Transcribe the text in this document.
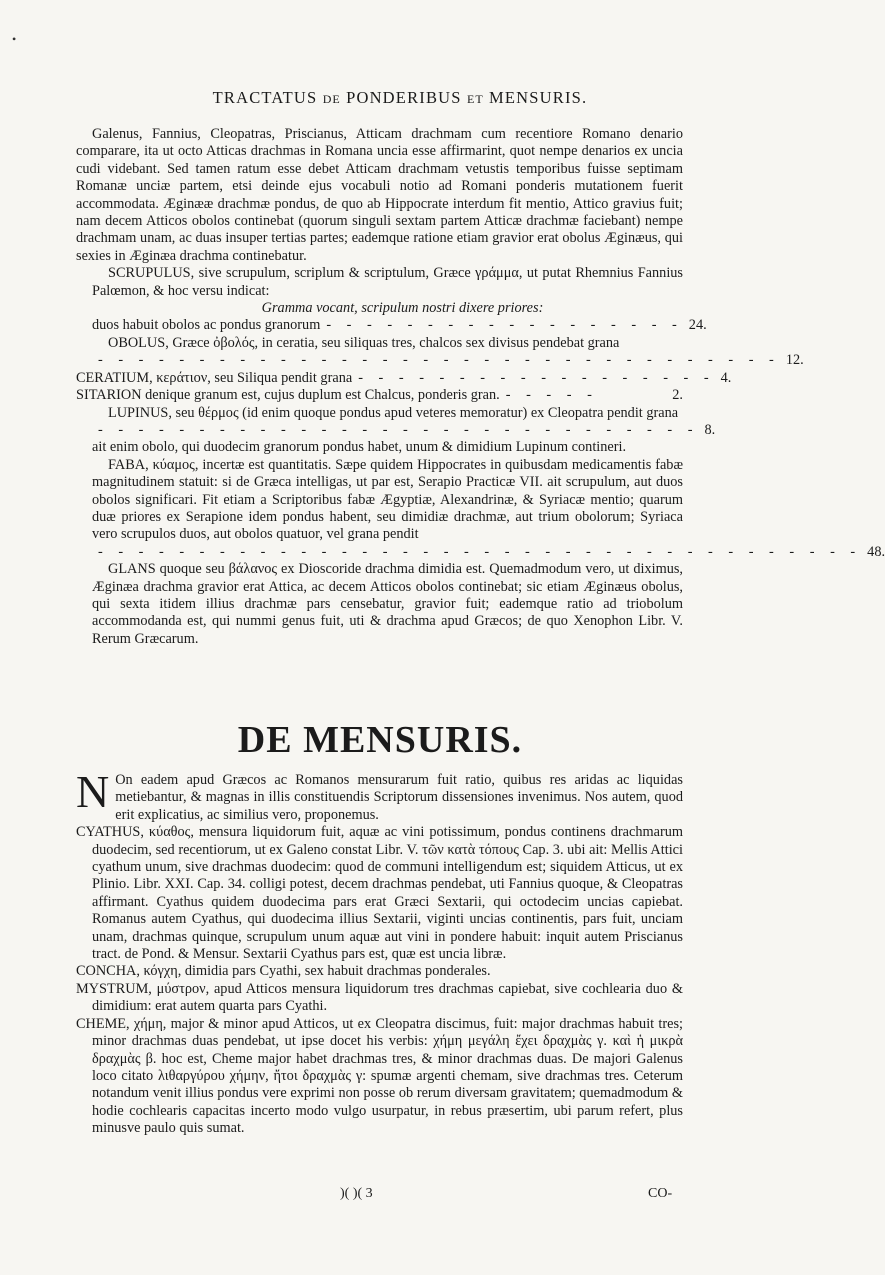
•
TRACTATUS DE PONDERIBUS ET MENSURIS.

Galenus, Fannius, Cleopatras, Priscianus, Atticam drachmam cum recentiore Romano denario comparare, ita ut octo Atticas drachmas in Romana uncia esse affirmarint, quot nempe denarios ex uncia cudi videbant. Sed tamen ratum esse debet Atticam drachmam vetustis temporibus fuisse septimam Romanæ unciæ partem, etsi deinde ejus vocabuli notio ad Romani ponderis mutationem fuerit accommodata. Æginææ drachmæ pondus, de quo ab Hippocrate interdum fit mentio, Attico gravius fuit; nam decem Atticos obolos continebat (quorum singuli sextam partem Atticæ drachmæ faciebant) nempe drachmam unam, ac duas insuper tertias partes; eademque ratione etiam gravior erat obolus Æginæus, qui sexies in Æginæa drachma continebatur.

SCRUPULUS, sive scrupulum, scriplum & scriptulum, Græce γράμμα, ut putat Rhemnius Fannius Palœmon, & hoc versu indicat:

Gramma vocant, scripulum nostri dixere priores:

duos habuit obolos ac pondus granorum - - - - - - - - - - - - - - - - - - 24.

OBOLUS, Græce ὀβολός, in ceratia, seu siliquas tres, chalcos sex divisus pendebat grana

- - - - - - - - - - - - - - - - - - - - - - - - - - - - - - - - - - 12.
CERATIUM, κεράτιον, seu Siliqua pendit grana - - - - - - - - - - - - - - - - - - 4.
SITARION denique granum est, cujus duplum est Chalcus, ponderis gran. - - - - -	2.

LUPINUS, seu θέρμος (id enim quoque pondus apud veteres memoratur) ex Cleopatra pendit grana

- - - - - - - - - - - - - - - - - - - - - - - - - - - - - - 8.

ait enim obolo, qui duodecim granorum pondus habet, unum & dimidium Lupinum contineri.

FABA, κύαμος, incertæ est quantitatis. Sæpe quidem Hippocrates in quibusdam medicamentis fabæ magnitudinem statuit: si de Græca intelligas, ut par est, Serapio Practicæ VII. ait scrupulum, aut duos obolos significari. Fit etiam a Scriptoribus fabæ Ægyptiæ, Alexandrinæ, & Syriacæ mentio; quarum duæ priores ex Serapione idem pondus habent, seu dimidiæ drachmæ, aut trium obolorum; Syriaca vero scrupulos duos, aut obolos quatuor, vel grana pendit

- - - - - - - - - - - - - - - - - - - - - - - - - - - - - - - - - - - - - - 48.

GLANS quoque seu βάλανος ex Dioscoride drachma dimidia est. Quemadmodum vero, ut diximus, Æginæa drachma gravior erat Attica, ac decem Atticos obolos continebat; sic etiam Æginæus obolus, qui sexta itidem illius drachmæ pars censebatur, gravior fuit; eademque ratio ad triobolum accommodanda est, qui nummi genus fuit, uti & drachma apud Græcos; de quo Xenophon Libr. V. Rerum Græcarum.

DE MENSURIS.
N On eadem apud Græcos ac Romanos mensurarum fuit ratio, quibus res aridas ac liquidas metiebantur, & magnas in illis constituendis Scriptorum dissensiones invenimus. Nos autem, quod erit explicatius, ac similius vero, proponemus.

CYATHUS, κύαθος, mensura liquidorum fuit, aquæ ac vini potissimum, pondus continens drachmarum duodecim, sed recentiorum, ut ex Galeno constat Libr. V. τῶν κατὰ τόπους Cap. 3. ubi ait: Mellis Attici cyathum unum, sive drachmas duodecim: quod de communi intelligendum est; siquidem Atticus, ut ex Plinio. Libr. XXI. Cap. 34. colligi potest, decem drachmas pendebat, uti Fannius quoque, & Cleopatras affirmant. Cyathus quidem duodecima pars erat Græci Sextarii, qui octodecim uncias capiebat. Romanus autem Cyathus, qui duodecima illius Sextarii, viginti uncias continentis, pars fuit, unciam unam, drachmas quinque, scrupulum unum aquæ aut vini in pondere habuit: inquit autem Priscianus tract. de Pond. & Mensur. Sextarii Cyathus pars est, quæ est uncia libræ.

CONCHA, κόγχη, dimidia pars Cyathi, sex habuit drachmas ponderales.

MYSTRUM, μύστρον, apud Atticos mensura liquidorum tres drachmas capiebat, sive cochlearia duo & dimidium: erat autem quarta pars Cyathi.

CHEME, χήμη, major & minor apud Atticos, ut ex Cleopatra discimus, fuit: major drachmas habuit tres; minor drachmas duas pendebat, ut ipse docet his verbis: χήμη μεγάλη ἔχει δραχμὰς γ. καὶ ἡ μικρὰ δραχμὰς β. hoc est, Cheme major habet drachmas tres, & minor drachmas duas. De majori Galenus loco citato λιθαργύρου χήμην, ἤτοι δραχμὰς γ: spumæ argenti chemam, sive drachmas tres. Ceterum notandum venit illius pondus vere exprimi non posse ob rerum diversam gravitatem; quemadmodum & hodie cochlearis capacitas incerto modo vulgo usurpatur, in rebus præsertim, ubi parum refert, plus minusve paulo quis sumat.

)( )( 3	CO-
